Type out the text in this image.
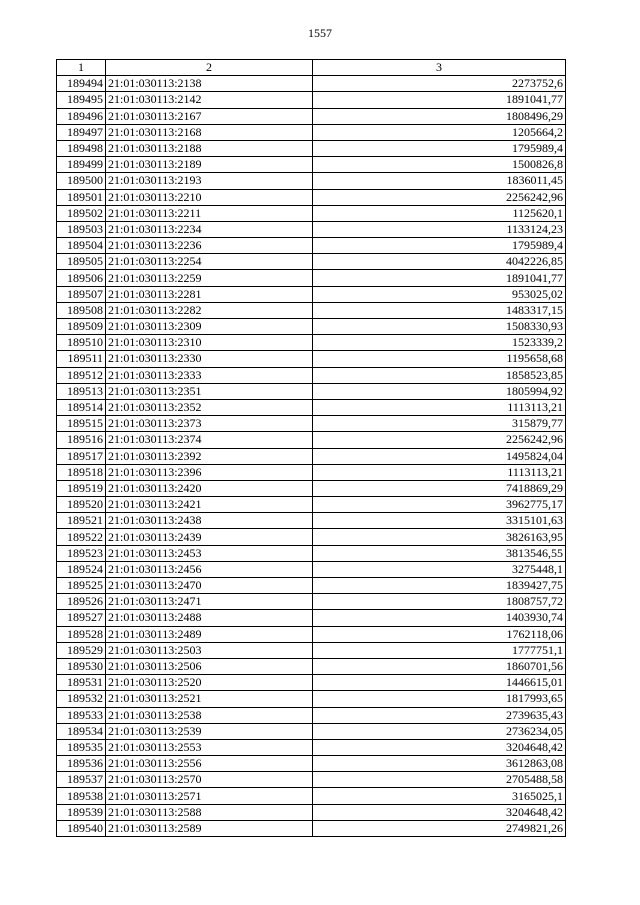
1557
1	2	3
189494	21:01:030113:2138	2273752,6
189495	21:01:030113:2142	1891041,77
189496	21:01:030113:2167	1808496,29
189497	21:01:030113:2168	1205664,2
189498	21:01:030113:2188	1795989,4
189499	21:01:030113:2189	1500826,8
189500	21:01:030113:2193	1836011,45
189501	21:01:030113:2210	2256242,96
189502	21:01:030113:2211	1125620,1
189503	21:01:030113:2234	1133124,23
189504	21:01:030113:2236	1795989,4
189505	21:01:030113:2254	4042226,85
189506	21:01:030113:2259	1891041,77
189507	21:01:030113:2281	953025,02
189508	21:01:030113:2282	1483317,15
189509	21:01:030113:2309	1508330,93
189510	21:01:030113:2310	1523339,2
189511	21:01:030113:2330	1195658,68
189512	21:01:030113:2333	1858523,85
189513	21:01:030113:2351	1805994,92
189514	21:01:030113:2352	1113113,21
189515	21:01:030113:2373	315879,77
189516	21:01:030113:2374	2256242,96
189517	21:01:030113:2392	1495824,04
189518	21:01:030113:2396	1113113,21
189519	21:01:030113:2420	7418869,29
189520	21:01:030113:2421	3962775,17
189521	21:01:030113:2438	3315101,63
189522	21:01:030113:2439	3826163,95
189523	21:01:030113:2453	3813546,55
189524	21:01:030113:2456	3275448,1
189525	21:01:030113:2470	1839427,75
189526	21:01:030113:2471	1808757,72
189527	21:01:030113:2488	1403930,74
189528	21:01:030113:2489	1762118,06
189529	21:01:030113:2503	1777751,1
189530	21:01:030113:2506	1860701,56
189531	21:01:030113:2520	1446615,01
189532	21:01:030113:2521	1817993,65
189533	21:01:030113:2538	2739635,43
189534	21:01:030113:2539	2736234,05
189535	21:01:030113:2553	3204648,42
189536	21:01:030113:2556	3612863,08
189537	21:01:030113:2570	2705488,58
189538	21:01:030113:2571	3165025,1
189539	21:01:030113:2588	3204648,42
189540	21:01:030113:2589	2749821,26
